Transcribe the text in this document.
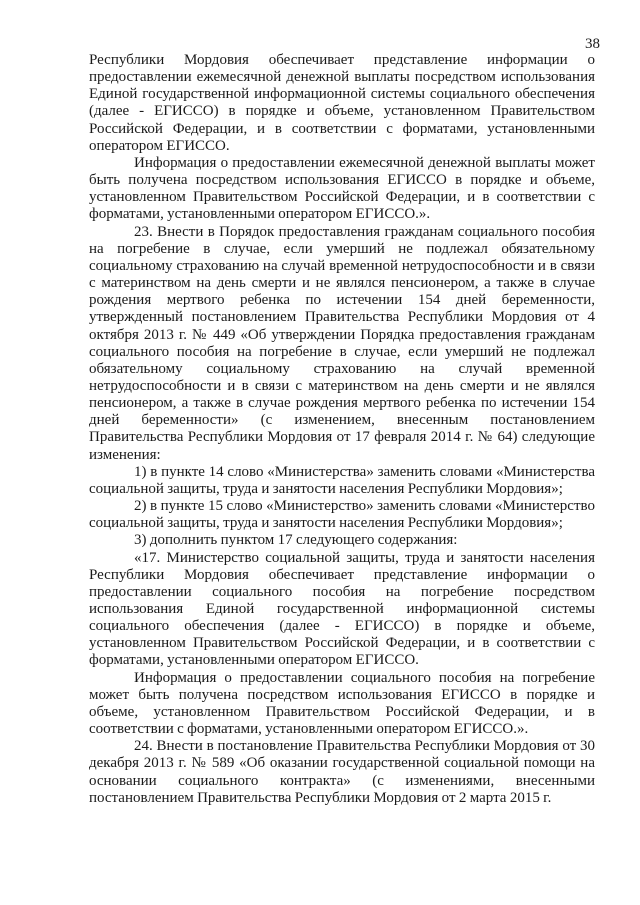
38

Республики Мордовия обеспечивает представление информации о предоставлении ежемесячной денежной выплаты посредством использования Единой государственной информационной системы социального обеспечения (далее - ЕГИССО) в порядке и объеме, установленном Правительством Российской Федерации, и в соответствии с форматами, установленными оператором ЕГИССО.

Информация о предоставлении ежемесячной денежной выплаты может быть получена посредством использования ЕГИССО в порядке и объеме, установленном Правительством Российской Федерации, и в соответствии с форматами, установленными оператором ЕГИССО.».

23. Внести в Порядок предоставления гражданам социального пособия на погребение в случае, если умерший не подлежал обязательному социальному страхованию на случай временной нетрудоспособности и в связи с материнством на день смерти и не являлся пенсионером, а также в случае рождения мертвого ребенка по истечении 154 дней беременности, утвержденный постановлением Правительства Республики Мордовия от 4 октября 2013 г. № 449 «Об утверждении Порядка предоставления гражданам социального пособия на погребение в случае, если умерший не подлежал обязательному социальному страхованию на случай временной нетрудоспособности и в связи с материнством на день смерти и не являлся пенсионером, а также в случае рождения мертвого ребенка по истечении 154 дней беременности» (с изменением, внесенным постановлением Правительства Республики Мордовия от 17 февраля 2014 г. № 64) следующие изменения:

1) в пункте 14 слово «Министерства» заменить словами «Министерства социальной защиты, труда и занятости населения Республики Мордовия»;

2) в пункте 15 слово «Министерство» заменить словами «Министерство социальной защиты, труда и занятости населения Республики Мордовия»;

3) дополнить пунктом 17 следующего содержания:

«17. Министерство социальной защиты, труда и занятости населения Республики Мордовия обеспечивает представление информации о предоставлении социального пособия на погребение посредством использования Единой государственной информационной системы социального обеспечения (далее - ЕГИССО) в порядке и объеме, установленном Правительством Российской Федерации, и в соответствии с форматами, установленными оператором ЕГИССО.

Информация о предоставлении социального пособия на погребение может быть получена посредством использования ЕГИССО в порядке и объеме, установленном Правительством Российской Федерации, и в соответствии с форматами, установленными оператором ЕГИССО.».

24. Внести в постановление Правительства Республики Мордовия от 30 декабря 2013 г. № 589 «Об оказании государственной социальной помощи на основании социального контракта» (с изменениями, внесенными постановлением Правительства Республики Мордовия от 2 марта 2015 г.
